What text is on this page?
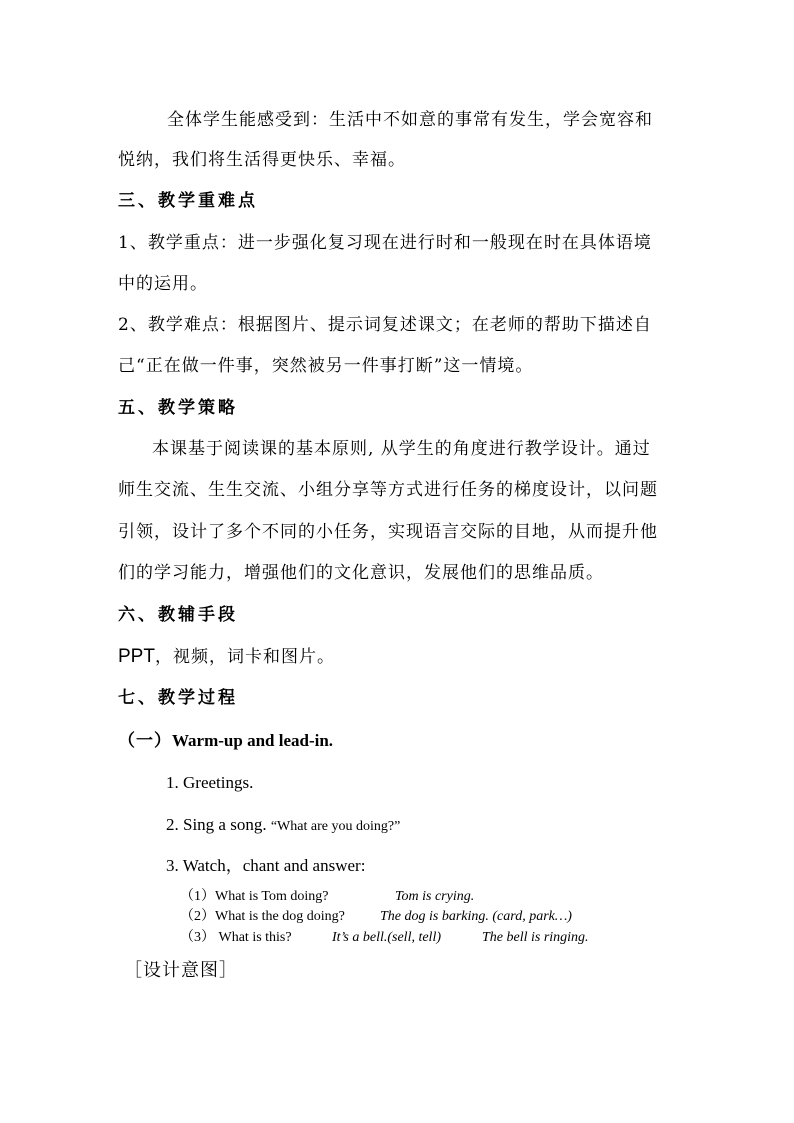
全体学生能感受到：生活中不如意的事常有发生，学会宽容和
悦纳，我们将生活得更快乐、幸福。
三、教学重难点
1、教学重点：进一步强化复习现在进行时和一般现在时在具体语境
中的运用。
2、教学难点：根据图片、提示词复述课文；在老师的帮助下描述自
己“正在做一件事，突然被另一件事打断”这一情境。
五、教学策略
本课基于阅读课的基本原则, 从学生的角度进行教学设计。通过
师生交流、生生交流、小组分享等方式进行任务的梯度设计，以问题
引领，设计了多个不同的小任务，实现语言交际的目地，从而提升他
们的学习能力，增强他们的文化意识，发展他们的思维品质。
六、教辅手段
PPT，视频，词卡和图片。
七、教学过程
（一）Warm-up and lead-in.
1. Greetings.
2. Sing a song. “What are you doing?”
3. Watch，chant and answer:
（1）What is Tom doing?	Tom is crying.
（2）What is the dog doing?	The dog is barking. (card, park…)
（3） What is this?	It’s a bell.(sell, tell)	The bell is ringing.
［设计意图］
